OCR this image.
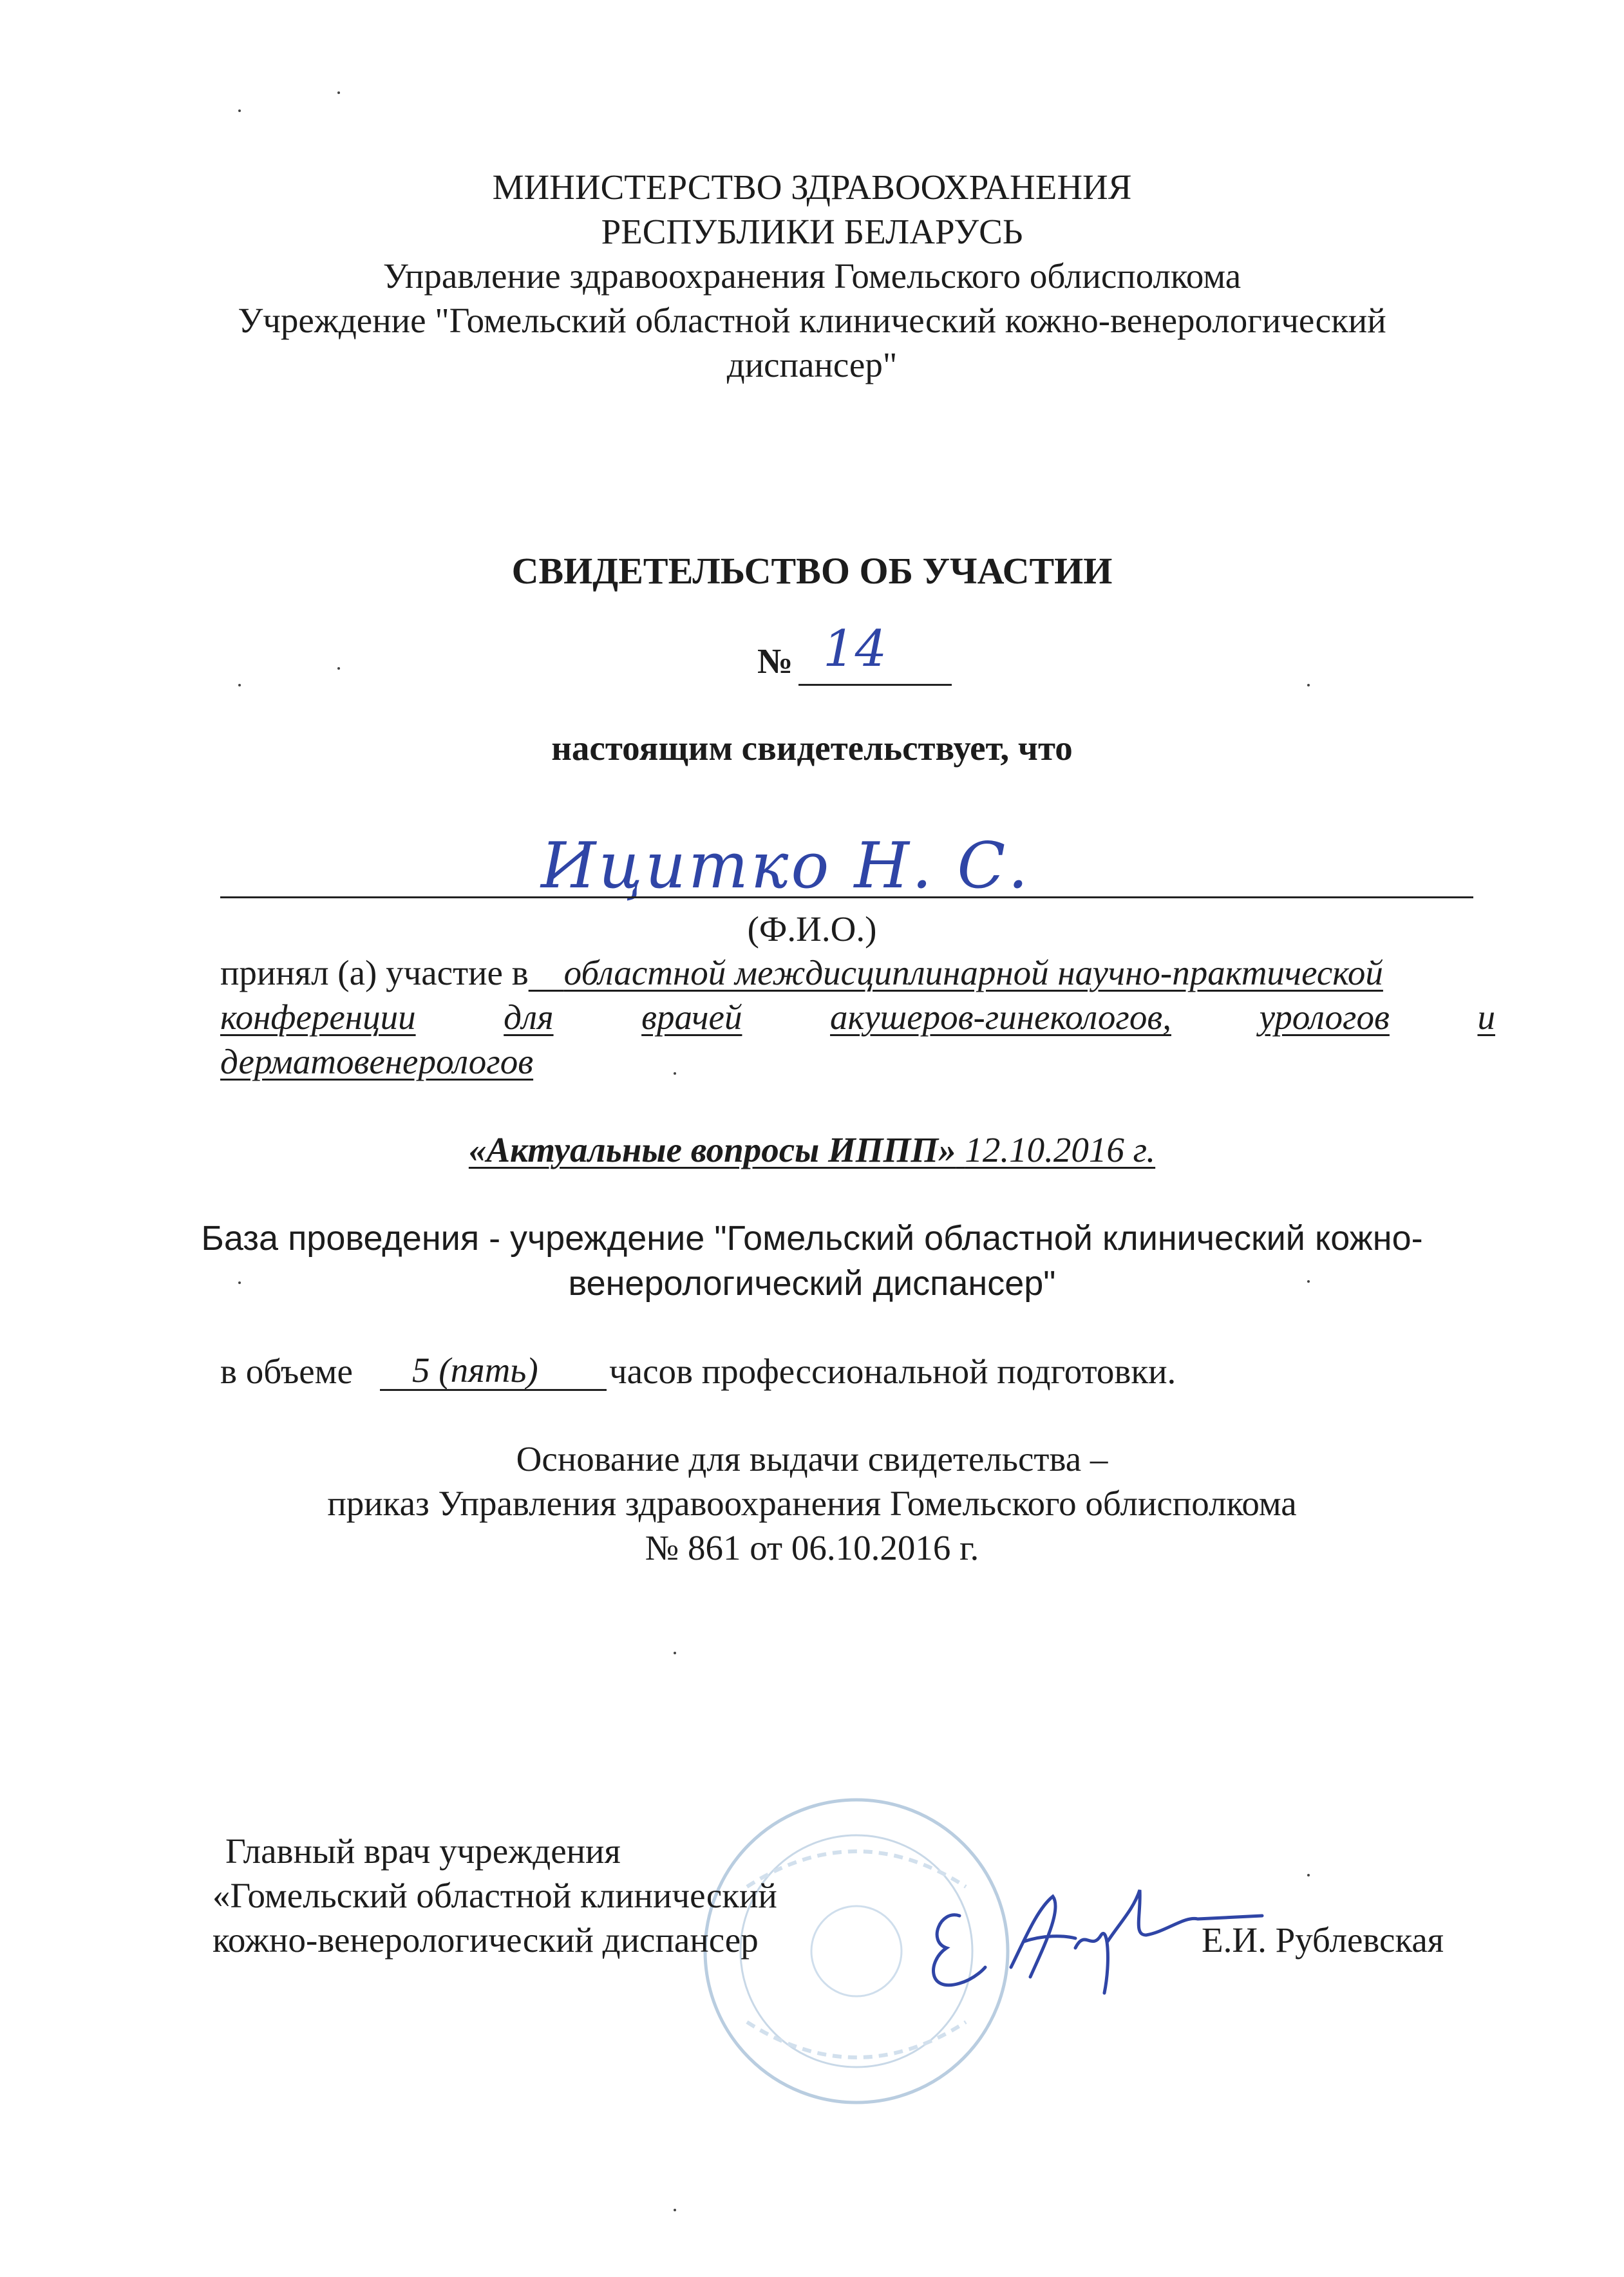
МИНИСТЕРСТВО ЗДРАВООХРАНЕНИЯ
РЕСПУБЛИКИ БЕЛАРУСЬ
Управление здравоохранения Гомельского облисполкома
Учреждение "Гомельский областной клинический кожно-венерологический
диспансер"
СВИДЕТЕЛЬСТВО ОБ УЧАСТИИ
№ 14
настоящим свидетельствует, что
Ицитко Н. С.
(Ф.И.О.)
принял (а) участие в областной междисциплинарной научно-практической
конференции для врачей акушеров-гинекологов, урологов и
дерматовенерологов
«Актуальные вопросы ИППП» 12.10.2016 г.
База проведения - учреждение "Гомельский областной клинический кожно-
венерологический диспансер"
в объеме 5 (пять) часов профессиональной подготовки.
Основание для выдачи свидетельства –
приказ Управления здравоохранения Гомельского облисполкома
№ 861 от 06.10.2016 г.
Главный врач учреждения
«Гомельский областной клинический
кожно-венерологический диспансер	Е.И. Рублевская
